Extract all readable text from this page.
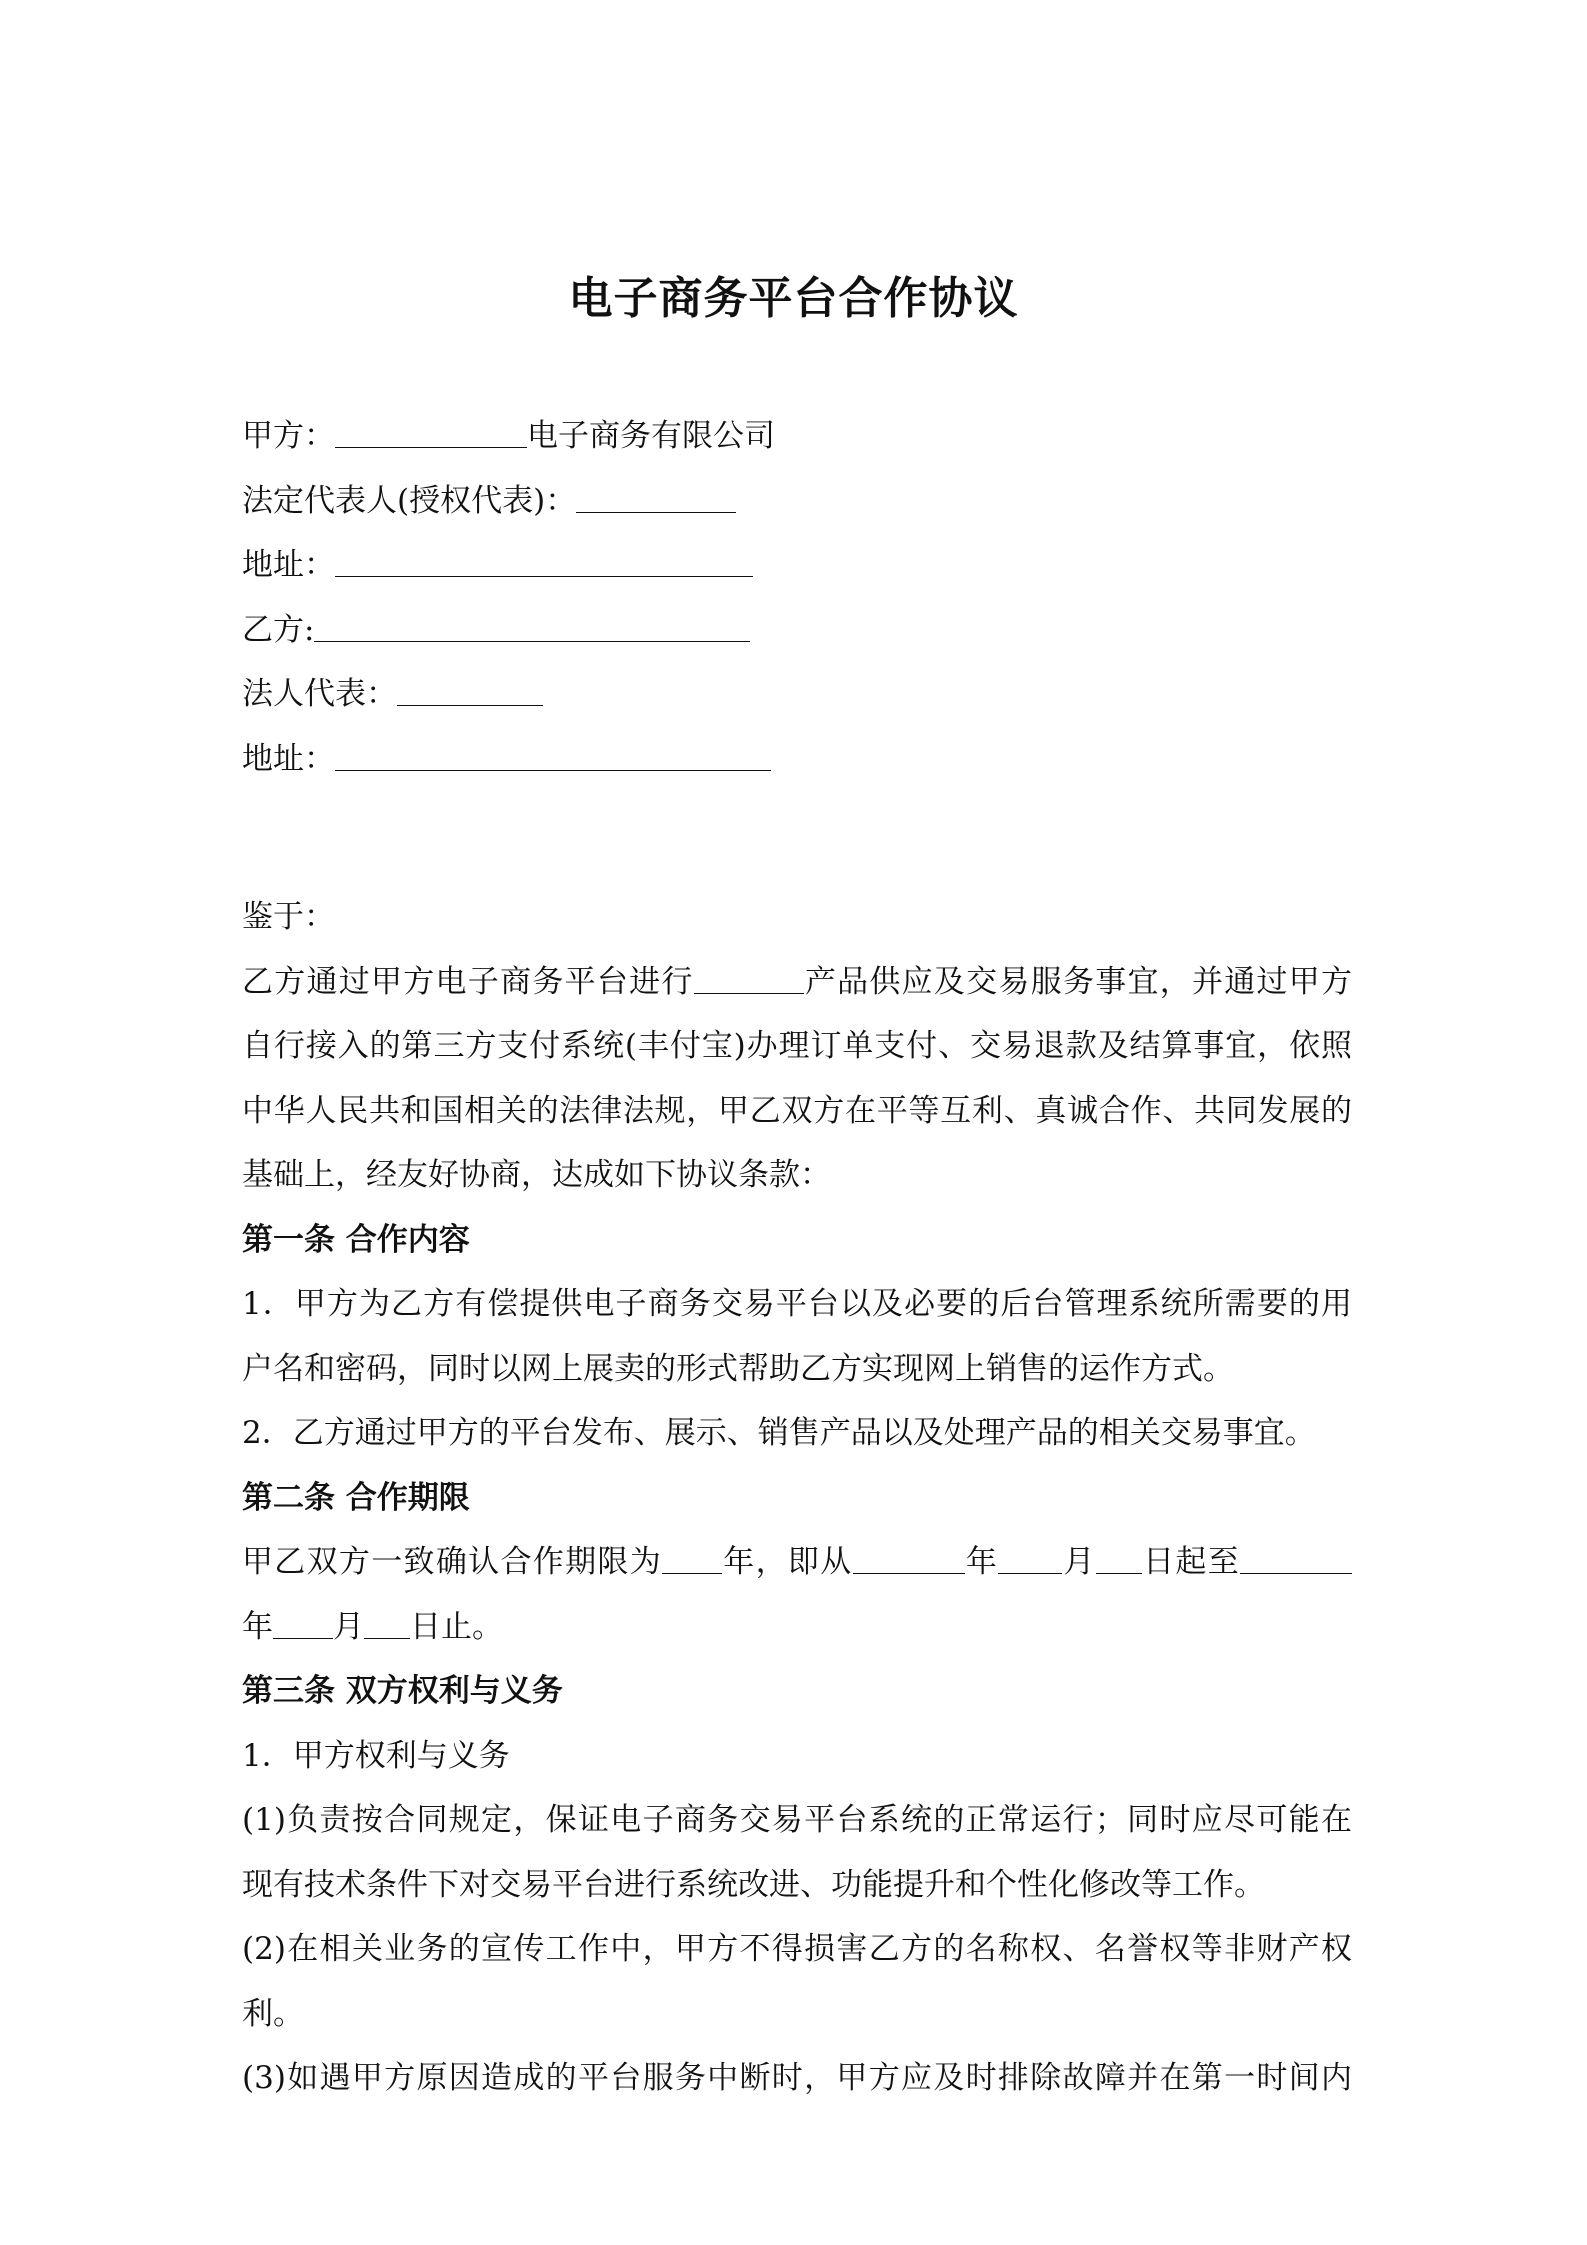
电子商务平台合作协议
甲方：	电子商务有限公司
法定代表人(授权代表)：
地址：
乙方:
法人代表：
地址：
鉴于：
乙方通过甲方电子商务平台进行	产品供应及交易服务事宜，并通过甲方
自行接入的第三方支付系统(丰付宝)办理订单支付、交易退款及结算事宜，依照
中华人民共和国相关的法律法规，甲乙双方在平等互利、真诚合作、共同发展的
基础上，经友好协商，达成如下协议条款：
第一条 合作内容
1．甲方为乙方有偿提供电子商务交易平台以及必要的后台管理系统所需要的用
户名和密码，同时以网上展卖的形式帮助乙方实现网上销售的运作方式。
2．乙方通过甲方的平台发布、展示、销售产品以及处理产品的相关交易事宜。
第二条 合作期限
甲乙双方一致确认合作期限为 年，即从	年 月 日起至
年 月 日止。
第三条 双方权利与义务
1．甲方权利与义务
(1)负责按合同规定，保证电子商务交易平台系统的正常运行；同时应尽可能在
现有技术条件下对交易平台进行系统改进、功能提升和个性化修改等工作。
(2)在相关业务的宣传工作中，甲方不得损害乙方的名称权、名誉权等非财产权
利。
(3)如遇甲方原因造成的平台服务中断时，甲方应及时排除故障并在第一时间内
